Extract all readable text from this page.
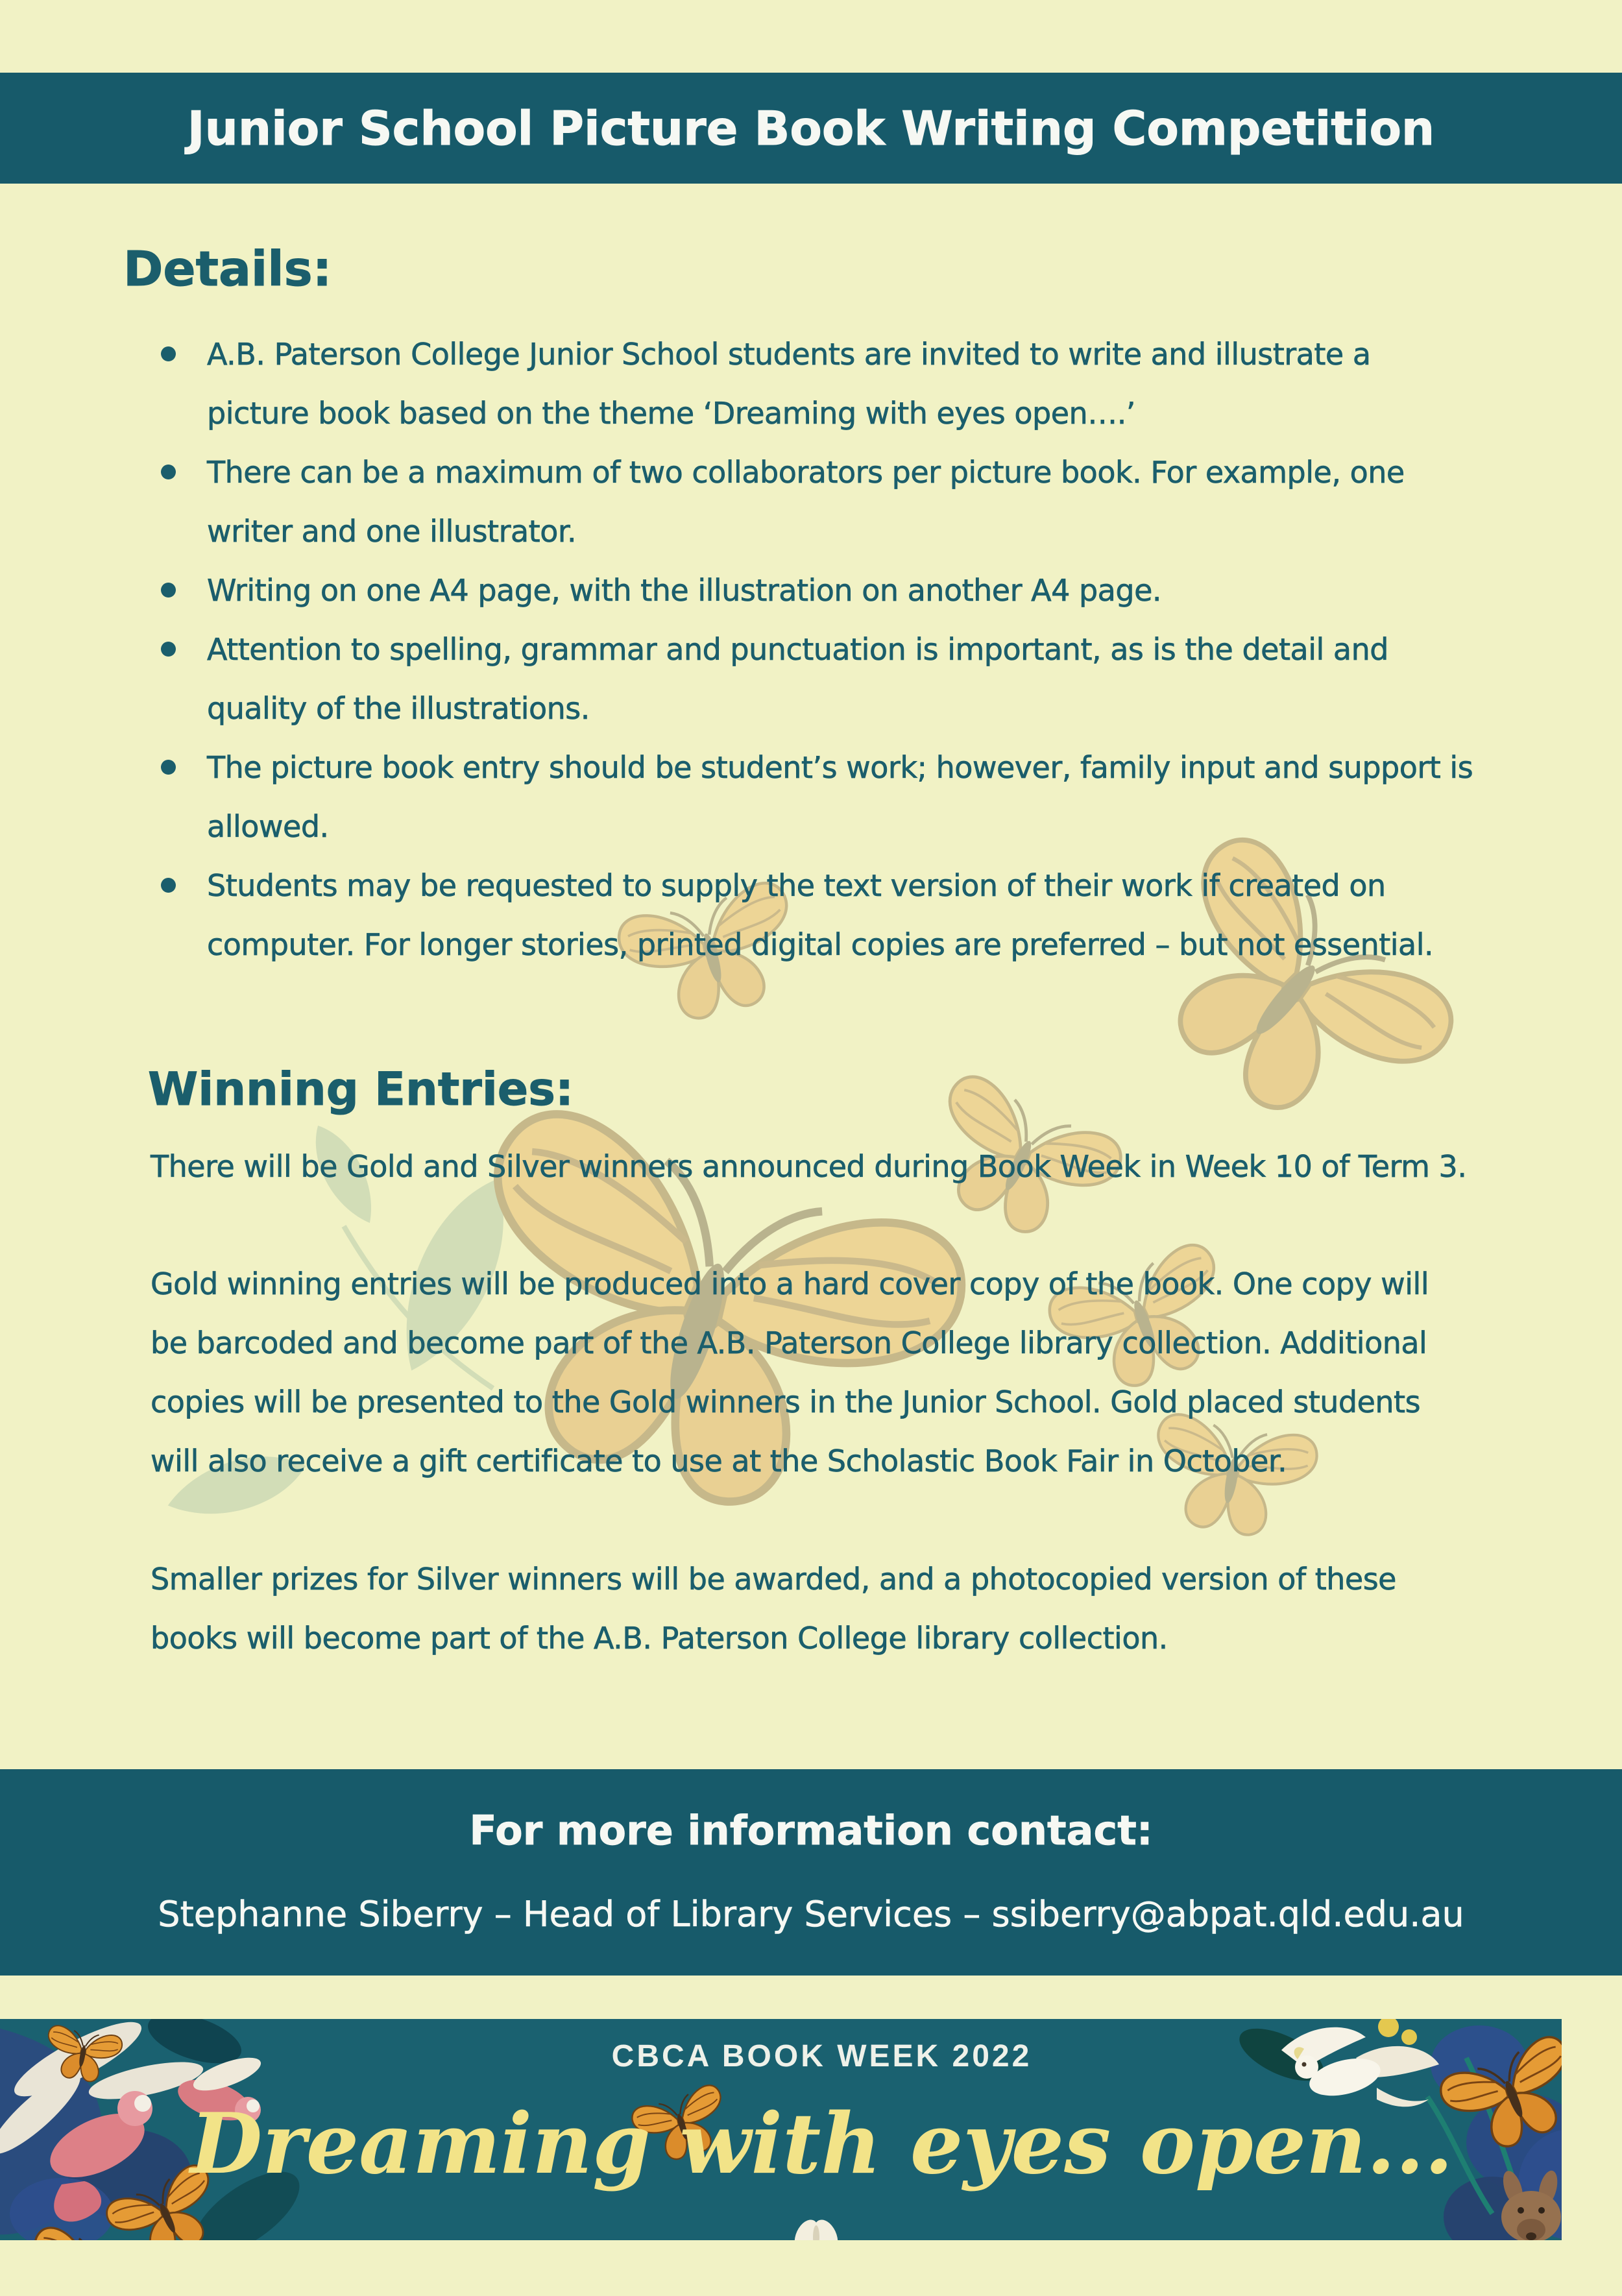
Junior School Picture Book Writing Competition
Details:
A.B. Paterson College Junior School students are invited to write and illustrate a
picture book based on the theme ‘Dreaming with eyes open….’
There can be a maximum of two collaborators per picture book. For example, one
writer and one illustrator.
Writing on one A4 page, with the illustration on another A4 page.
Attention to spelling, grammar and punctuation is important, as is the detail and
quality of the illustrations.
The picture book entry should be student’s work; however, family input and support is
allowed.
Students may be requested to supply the text version of their work if created on
computer. For longer stories, printed digital copies are preferred – but not essential.
Winning Entries:
There will be Gold and Silver winners announced during Book Week in Week 10 of Term 3.
Gold winning entries will be produced into a hard cover copy of the book. One copy will
be barcoded and become part of the A.B. Paterson College library collection. Additional
copies will be presented to the Gold winners in the Junior School. Gold placed students
will also receive a gift certificate to use at the Scholastic Book Fair in October.
Smaller prizes for Silver winners will be awarded, and a photocopied version of these
books will become part of the A.B. Paterson College library collection.
For more information contact:
Stephanne Siberry – Head of Library Services – ssiberry@abpat.qld.edu.au
CBCA BOOK WEEK 2022
Dreaming with eyes open...
